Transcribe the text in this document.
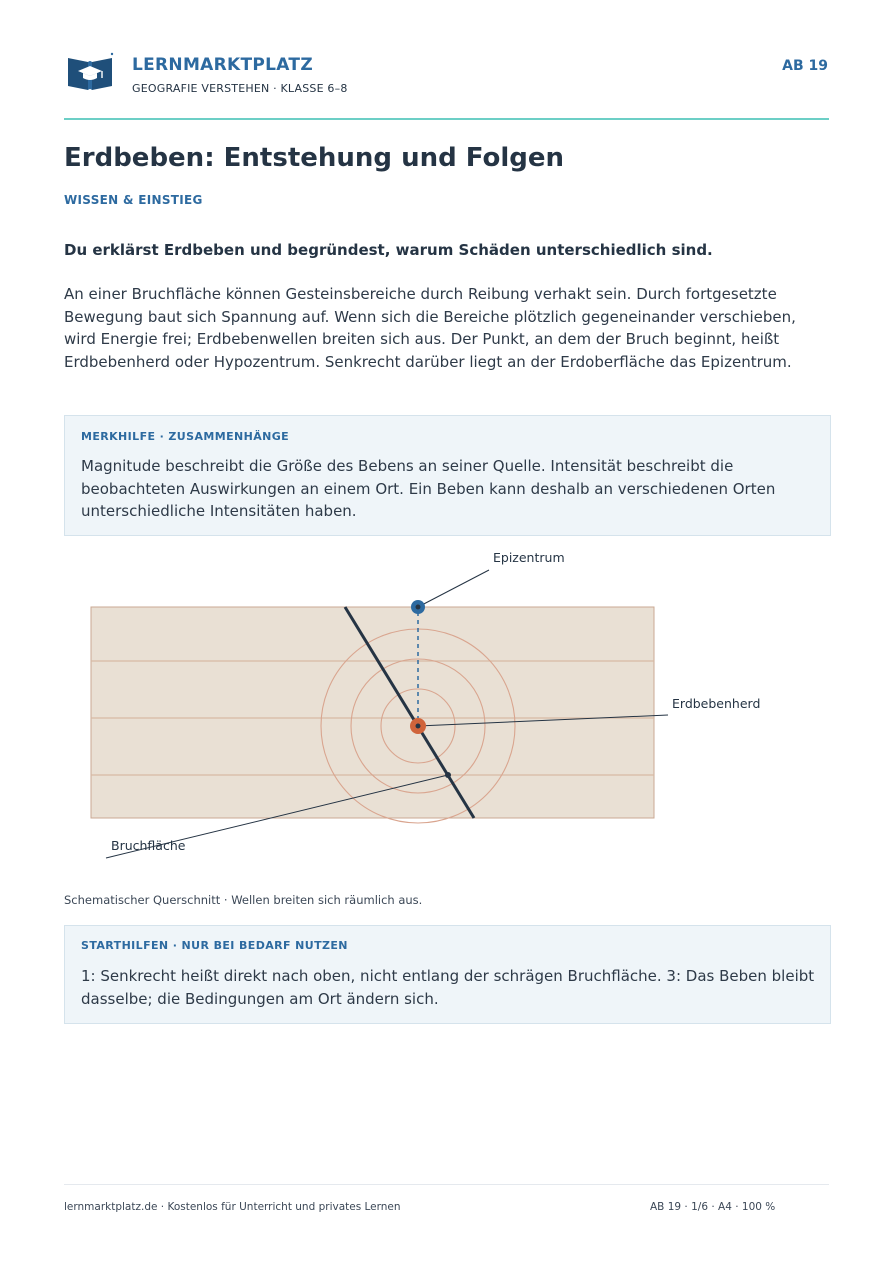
LERNMARKTPLATZ
GEOGRAFIE VERSTEHEN · KLASSE 6–8
AB 19
Erdbeben: Entstehung und Folgen
WISSEN & EINSTIEG
Du erklärst Erdbeben und begründest, warum Schäden unterschiedlich sind.
An einer Bruchfläche können Gesteinsbereiche durch Reibung verhakt sein. Durch fortgesetzte Bewegung baut sich Spannung auf. Wenn sich die Bereiche plötzlich gegeneinander verschieben, wird Energie frei; Erdbebenwellen breiten sich aus. Der Punkt, an dem der Bruch beginnt, heißt Erdbebenherd oder Hypozentrum. Senkrecht darüber liegt an der Erdoberfläche das Epizentrum.
MERKHILFE · ZUSAMMENHÄNGE
Magnitude beschreibt die Größe des Bebens an seiner Quelle. Intensität beschreibt die beobachteten Auswirkungen an einem Ort. Ein Beben kann deshalb an verschiedenen Orten unterschiedliche Intensitäten haben.
Epizentrum
Erdbebenherd
Bruchfläche
Schematischer Querschnitt · Wellen breiten sich räumlich aus.
STARTHILFEN · NUR BEI BEDARF NUTZEN
1: Senkrecht heißt direkt nach oben, nicht entlang der schrägen Bruchfläche. 3: Das Beben bleibt dasselbe; die Bedingungen am Ort ändern sich.
lernmarktplatz.de · Kostenlos für Unterricht und privates Lernen	AB 19 · 1/6 · A4 · 100 %
